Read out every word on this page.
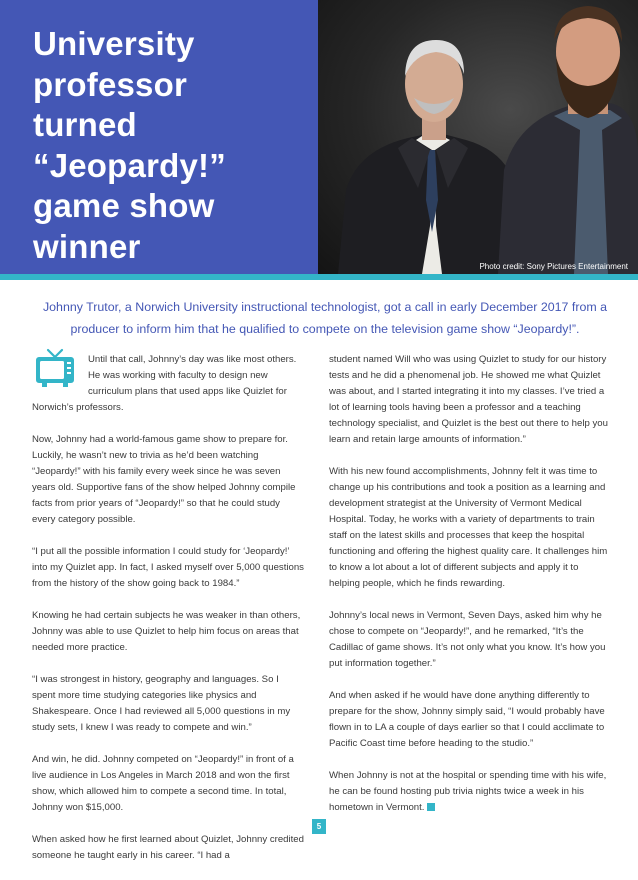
University professor turned “Jeopardy!” game show winner
Photo credit: Sony Pictures Entertainment
Johnny Trutor, a Norwich University instructional technologist, got a call in early December 2017 from a producer to inform him that he qualified to compete on the television game show “Jeopardy!”.

Until that call, Johnny’s day was like most others. He was working with faculty to design new curriculum plans that used apps like Quizlet for
Norwich’s professors.

Now, Johnny had a world-famous game show to prepare for. Luckily, he wasn’t new to trivia as he’d been watching “Jeopardy!” with his family every week since he was seven years old. Supportive fans of the show helped Johnny compile facts from prior years of “Jeopardy!” so that he could study every category possible.

“I put all the possible information I could study for ‘Jeopardy!’ into my Quizlet app. In fact, I asked myself over 5,000 questions from the history of the show going back to 1984.”

Knowing he had certain subjects he was weaker in than others, Johnny was able to use Quizlet to help him focus on areas that needed more practice.

“I was strongest in history, geography and languages. So I spent more time studying categories like physics and Shakespeare. Once I had reviewed all 5,000 questions in my study sets, I knew I was ready to compete and win.”

And win, he did. Johnny competed on “Jeopardy!” in front of a live audience in Los Angeles in March 2018 and won the first show, which allowed him to compete a second time. In total, Johnny won $15,000.

When asked how he first learned about Quizlet, Johnny credited someone he taught early in his career. “I had a

student named Will who was using Quizlet to study for our history tests and he did a phenomenal job. He showed me what Quizlet was about, and I started integrating it into my classes. I’ve tried a lot of learning tools having been a professor and a teaching technology specialist, and Quizlet is the best out there to help you learn and retain large amounts of information.”

With his new found accomplishments, Johnny felt it was time to change up his contributions and took a position as a learning and development strategist at the University of Vermont Medical Hospital. Today, he works with a variety of departments to train staff on the latest skills and processes that keep the hospital functioning and offering the highest quality care. It challenges him to know a lot about a lot of different subjects and apply it to helping people, which he finds rewarding.

Johnny’s local news in Vermont, Seven Days, asked him why he chose to compete on “Jeopardy!”, and he remarked, “It’s the Cadillac of game shows. It’s not only what you know. It’s how you put information together.”

And when asked if he would have done anything differently to prepare for the show, Johnny simply said, “I would probably have flown in to LA a couple of days earlier so that I could acclimate to Pacific Coast time before heading to the studio.”

When Johnny is not at the hospital or spending time with his wife, he can be found hosting pub trivia nights twice a week in his hometown in Vermont.

5
